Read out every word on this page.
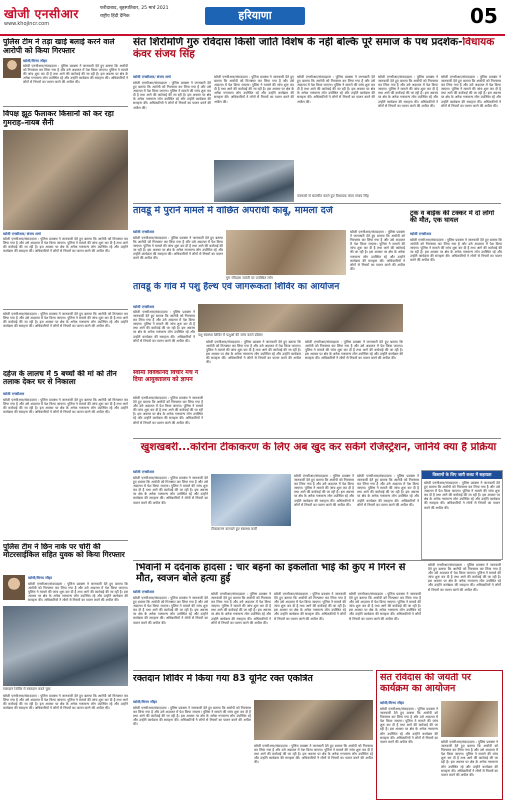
खोजी एनसीआर
www.khojincr.com
फरीदाबाद, बृहस्पतिवार, 25 मार्च 2021
राष्ट्रीय हिंदी दैनिक	हरियाणा	05
पुलिस टीम ने तड़ा खाई बलाई करने वाले आरोपी को किया गिरफ्तार
खोजी/विनय जौहर
खोजी एनसीआर/संवाददाता : पुलिस प्रवक्ता ने जानकारी देते हुए बताया कि आरोपी को गिरफ्तार कर लिया गया है और उसे अदालत में पेश किया जाएगा। पुलिस ने मामले की जांच शुरू कर दी है तथा आगे की कार्रवाई की जा रही है। इस अवसर पर क्षेत्र के अनेक गणमान्य लोग उपस्थित रहे और उन्होंने कार्यक्रम की सराहना की। अधिकारियों ने लोगों से नियमों का पालन करने की अपील की।
विपक्ष झूठ फैलाकर किसानों को कर रहा गुमराह–नायब सैनी
खोजी एनसीआर/ संजय शर्मा
खोजी एनसीआर/संवाददाता : पुलिस प्रवक्ता ने जानकारी देते हुए बताया कि आरोपी को गिरफ्तार कर लिया गया है और उसे अदालत में पेश किया जाएगा। पुलिस ने मामले की जांच शुरू कर दी है तथा आगे की कार्रवाई की जा रही है। इस अवसर पर क्षेत्र के अनेक गणमान्य लोग उपस्थित रहे और उन्होंने कार्यक्रम की सराहना की। अधिकारियों ने लोगों से नियमों का पालन करने की अपील की।
संत शिरोमणि गुरु रविदास किसी जाति विशेष के नहीं बल्कि पूरे समाज के पथ प्रदर्शक-विधायक कंवर संजय सिंह
खोजी एनसीआर/ संजय शर्मा
खोजी एनसीआर/संवाददाता : पुलिस प्रवक्ता ने जानकारी देते हुए बताया कि आरोपी को गिरफ्तार कर लिया गया है और उसे अदालत में पेश किया जाएगा। पुलिस ने मामले की जांच शुरू कर दी है तथा आगे की कार्रवाई की जा रही है। इस अवसर पर क्षेत्र के अनेक गणमान्य लोग उपस्थित रहे और उन्होंने कार्यक्रम की सराहना की। अधिकारियों ने लोगों से नियमों का पालन करने की अपील की।
खोजी एनसीआर/संवाददाता : पुलिस प्रवक्ता ने जानकारी देते हुए बताया कि आरोपी को गिरफ्तार कर लिया गया है और उसे अदालत में पेश किया जाएगा। पुलिस ने मामले की जांच शुरू कर दी है तथा आगे की कार्रवाई की जा रही है। इस अवसर पर क्षेत्र के अनेक गणमान्य लोग उपस्थित रहे और उन्होंने कार्यक्रम की सराहना की। अधिकारियों ने लोगों से नियमों का पालन करने की अपील की।
खोजी एनसीआर/संवाददाता : पुलिस प्रवक्ता ने जानकारी देते हुए बताया कि आरोपी को गिरफ्तार कर लिया गया है और उसे अदालत में पेश किया जाएगा। पुलिस ने मामले की जांच शुरू कर दी है तथा आगे की कार्रवाई की जा रही है। इस अवसर पर क्षेत्र के अनेक गणमान्य लोग उपस्थित रहे और उन्होंने कार्यक्रम की सराहना की। अधिकारियों ने लोगों से नियमों का पालन करने की अपील की।
खोजी एनसीआर/संवाददाता : पुलिस प्रवक्ता ने जानकारी देते हुए बताया कि आरोपी को गिरफ्तार कर लिया गया है और उसे अदालत में पेश किया जाएगा। पुलिस ने मामले की जांच शुरू कर दी है तथा आगे की कार्रवाई की जा रही है। इस अवसर पर क्षेत्र के अनेक गणमान्य लोग उपस्थित रहे और उन्होंने कार्यक्रम की सराहना की। अधिकारियों ने लोगों से नियमों का पालन करने की अपील की।
पत्रकारों से बातचीत करते हुए विधायक कंवर संजय सिंह
खोजी एनसीआर/संवाददाता : पुलिस प्रवक्ता ने जानकारी देते हुए बताया कि आरोपी को गिरफ्तार कर लिया गया है और उसे अदालत में पेश किया जाएगा। पुलिस ने मामले की जांच शुरू कर दी है तथा आगे की कार्रवाई की जा रही है। इस अवसर पर क्षेत्र के अनेक गणमान्य लोग उपस्थित रहे और उन्होंने कार्यक्रम की सराहना की। अधिकारियों ने लोगों से नियमों का पालन करने की अपील की।
तावडू में पुराने मामले में वांछित अपराधी काबू, मामला दर्ज
खोजी एनसीआर
खोजी एनसीआर/संवाददाता : पुलिस प्रवक्ता ने जानकारी देते हुए बताया कि आरोपी को गिरफ्तार कर लिया गया है और उसे अदालत में पेश किया जाएगा। पुलिस ने मामले की जांच शुरू कर दी है तथा आगे की कार्रवाई की जा रही है। इस अवसर पर क्षेत्र के अनेक गणमान्य लोग उपस्थित रहे और उन्होंने कार्यक्रम की सराहना की। अधिकारियों ने लोगों से नियमों का पालन करने की अपील की।
गुरु रविदास जयंती पर उपस्थित लोग
खोजी एनसीआर/संवाददाता : पुलिस प्रवक्ता ने जानकारी देते हुए बताया कि आरोपी को गिरफ्तार कर लिया गया है और उसे अदालत में पेश किया जाएगा। पुलिस ने मामले की जांच शुरू कर दी है तथा आगे की कार्रवाई की जा रही है। इस अवसर पर क्षेत्र के अनेक गणमान्य लोग उपस्थित रहे और उन्होंने कार्यक्रम की सराहना की। अधिकारियों ने लोगों से नियमों का पालन करने की अपील की।
ट्रक व बाईक की टक्कर में दो लोगों की मौत, एक घायल
खोजी एनसीआर
खोजी एनसीआर/संवाददाता : पुलिस प्रवक्ता ने जानकारी देते हुए बताया कि आरोपी को गिरफ्तार कर लिया गया है और उसे अदालत में पेश किया जाएगा। पुलिस ने मामले की जांच शुरू कर दी है तथा आगे की कार्रवाई की जा रही है। इस अवसर पर क्षेत्र के अनेक गणमान्य लोग उपस्थित रहे और उन्होंने कार्यक्रम की सराहना की। अधिकारियों ने लोगों से नियमों का पालन करने की अपील की।
तावडू के गांव में पशु हैल्थ एवं जागरूकता शिविर का आयोजन
खोजी एनसीआर
खोजी एनसीआर/संवाददाता : पुलिस प्रवक्ता ने जानकारी देते हुए बताया कि आरोपी को गिरफ्तार कर लिया गया है और उसे अदालत में पेश किया जाएगा। पुलिस ने मामले की जांच शुरू कर दी है तथा आगे की कार्रवाई की जा रही है। इस अवसर पर क्षेत्र के अनेक गणमान्य लोग उपस्थित रहे और उन्होंने कार्यक्रम की सराहना की। अधिकारियों ने लोगों से नियमों का पालन करने की अपील की।
पशु स्वास्थ्य शिविर में पशुओं की जांच करते डॉक्टर
स्वामी विवेकानंद विचार मंच ने दिया आयुक्तालय को ज्ञापन
खोजी एनसीआर/संवाददाता : पुलिस प्रवक्ता ने जानकारी देते हुए बताया कि आरोपी को गिरफ्तार कर लिया गया है और उसे अदालत में पेश किया जाएगा। पुलिस ने मामले की जांच शुरू कर दी है तथा आगे की कार्रवाई की जा रही है। इस अवसर पर क्षेत्र के अनेक गणमान्य लोग उपस्थित रहे और उन्होंने कार्यक्रम की सराहना की। अधिकारियों ने लोगों से नियमों का पालन करने की अपील की।
खोजी एनसीआर/संवाददाता : पुलिस प्रवक्ता ने जानकारी देते हुए बताया कि आरोपी को गिरफ्तार कर लिया गया है और उसे अदालत में पेश किया जाएगा। पुलिस ने मामले की जांच शुरू कर दी है तथा आगे की कार्रवाई की जा रही है। इस अवसर पर क्षेत्र के अनेक गणमान्य लोग उपस्थित रहे और उन्होंने कार्यक्रम की सराहना की। अधिकारियों ने लोगों से नियमों का पालन करने की अपील की।
खोजी एनसीआर/संवाददाता : पुलिस प्रवक्ता ने जानकारी देते हुए बताया कि आरोपी को गिरफ्तार कर लिया गया है और उसे अदालत में पेश किया जाएगा। पुलिस ने मामले की जांच शुरू कर दी है तथा आगे की कार्रवाई की जा रही है। इस अवसर पर क्षेत्र के अनेक गणमान्य लोग उपस्थित रहे और उन्होंने कार्यक्रम की सराहना की। अधिकारियों ने लोगों से नियमों का पालन करने की अपील की।
खोजी एनसीआर/संवाददाता : पुलिस प्रवक्ता ने जानकारी देते हुए बताया कि आरोपी को गिरफ्तार कर लिया गया है और उसे अदालत में पेश किया जाएगा। पुलिस ने मामले की जांच शुरू कर दी है तथा आगे की कार्रवाई की जा रही है। इस अवसर पर क्षेत्र के अनेक गणमान्य लोग उपस्थित रहे और उन्होंने कार्यक्रम की सराहना की। अधिकारियों ने लोगों से नियमों का पालन करने की अपील की।
दहेज के लालच में 5 बच्चों की मां को तीन तलाक देकर घर से निकाला
खोजी एनसीआर
खोजी एनसीआर/संवाददाता : पुलिस प्रवक्ता ने जानकारी देते हुए बताया कि आरोपी को गिरफ्तार कर लिया गया है और उसे अदालत में पेश किया जाएगा। पुलिस ने मामले की जांच शुरू कर दी है तथा आगे की कार्रवाई की जा रही है। इस अवसर पर क्षेत्र के अनेक गणमान्य लोग उपस्थित रहे और उन्होंने कार्यक्रम की सराहना की। अधिकारियों ने लोगों से नियमों का पालन करने की अपील की।
खुशखबरी...कोरोना टीकाकरण के लिए अब खुद कर सकेंगे रजिस्ट्रेशन, जानिये क्या है प्रक्रिया
खोजी एनसीआर
खोजी एनसीआर/संवाददाता : पुलिस प्रवक्ता ने जानकारी देते हुए बताया कि आरोपी को गिरफ्तार कर लिया गया है और उसे अदालत में पेश किया जाएगा। पुलिस ने मामले की जांच शुरू कर दी है तथा आगे की कार्रवाई की जा रही है। इस अवसर पर क्षेत्र के अनेक गणमान्य लोग उपस्थित रहे और उन्होंने कार्यक्रम की सराहना की। अधिकारियों ने लोगों से नियमों का पालन करने की अपील की।
टीकाकरण करवाते हुए स्वास्थ्य कर्मी
खोजी एनसीआर/संवाददाता : पुलिस प्रवक्ता ने जानकारी देते हुए बताया कि आरोपी को गिरफ्तार कर लिया गया है और उसे अदालत में पेश किया जाएगा। पुलिस ने मामले की जांच शुरू कर दी है तथा आगे की कार्रवाई की जा रही है। इस अवसर पर क्षेत्र के अनेक गणमान्य लोग उपस्थित रहे और उन्होंने कार्यक्रम की सराहना की। अधिकारियों ने लोगों से नियमों का पालन करने की अपील की।
खोजी एनसीआर/संवाददाता : पुलिस प्रवक्ता ने जानकारी देते हुए बताया कि आरोपी को गिरफ्तार कर लिया गया है और उसे अदालत में पेश किया जाएगा। पुलिस ने मामले की जांच शुरू कर दी है तथा आगे की कार्रवाई की जा रही है। इस अवसर पर क्षेत्र के अनेक गणमान्य लोग उपस्थित रहे और उन्होंने कार्यक्रम की सराहना की। अधिकारियों ने लोगों से नियमों का पालन करने की अपील की।
किसानों के लिए जारी बजट में सहायता
खोजी एनसीआर/संवाददाता : पुलिस प्रवक्ता ने जानकारी देते हुए बताया कि आरोपी को गिरफ्तार कर लिया गया है और उसे अदालत में पेश किया जाएगा। पुलिस ने मामले की जांच शुरू कर दी है तथा आगे की कार्रवाई की जा रही है। इस अवसर पर क्षेत्र के अनेक गणमान्य लोग उपस्थित रहे और उन्होंने कार्यक्रम की सराहना की। अधिकारियों ने लोगों से नियमों का पालन करने की अपील की।
पुलिस टीम ने छिन नाके पर चोरी की मोटरसाईकिल सहित युवक को किया गिरफ्तार
खोजी/विनय जौहर
खोजी एनसीआर/संवाददाता : पुलिस प्रवक्ता ने जानकारी देते हुए बताया कि आरोपी को गिरफ्तार कर लिया गया है और उसे अदालत में पेश किया जाएगा। पुलिस ने मामले की जांच शुरू कर दी है तथा आगे की कार्रवाई की जा रही है। इस अवसर पर क्षेत्र के अनेक गणमान्य लोग उपस्थित रहे और उन्होंने कार्यक्रम की सराहना की। अधिकारियों ने लोगों से नियमों का पालन करने की अपील की।
भिवानी में दर्दनाक हादसा : चार बहनों का इकलौता भाई की कुंए में गिरने से मौत, स्वजन बोले हत्या हुई
खोजी एनसीआर
खोजी एनसीआर/संवाददाता : पुलिस प्रवक्ता ने जानकारी देते हुए बताया कि आरोपी को गिरफ्तार कर लिया गया है और उसे अदालत में पेश किया जाएगा। पुलिस ने मामले की जांच शुरू कर दी है तथा आगे की कार्रवाई की जा रही है। इस अवसर पर क्षेत्र के अनेक गणमान्य लोग उपस्थित रहे और उन्होंने कार्यक्रम की सराहना की। अधिकारियों ने लोगों से नियमों का पालन करने की अपील की।
खोजी एनसीआर/संवाददाता : पुलिस प्रवक्ता ने जानकारी देते हुए बताया कि आरोपी को गिरफ्तार कर लिया गया है और उसे अदालत में पेश किया जाएगा। पुलिस ने मामले की जांच शुरू कर दी है तथा आगे की कार्रवाई की जा रही है। इस अवसर पर क्षेत्र के अनेक गणमान्य लोग उपस्थित रहे और उन्होंने कार्यक्रम की सराहना की। अधिकारियों ने लोगों से नियमों का पालन करने की अपील की।
खोजी एनसीआर/संवाददाता : पुलिस प्रवक्ता ने जानकारी देते हुए बताया कि आरोपी को गिरफ्तार कर लिया गया है और उसे अदालत में पेश किया जाएगा। पुलिस ने मामले की जांच शुरू कर दी है तथा आगे की कार्रवाई की जा रही है। इस अवसर पर क्षेत्र के अनेक गणमान्य लोग उपस्थित रहे और उन्होंने कार्यक्रम की सराहना की। अधिकारियों ने लोगों से नियमों का पालन करने की अपील की।
खोजी एनसीआर/संवाददाता : पुलिस प्रवक्ता ने जानकारी देते हुए बताया कि आरोपी को गिरफ्तार कर लिया गया है और उसे अदालत में पेश किया जाएगा। पुलिस ने मामले की जांच शुरू कर दी है तथा आगे की कार्रवाई की जा रही है। इस अवसर पर क्षेत्र के अनेक गणमान्य लोग उपस्थित रहे और उन्होंने कार्यक्रम की सराहना की। अधिकारियों ने लोगों से नियमों का पालन करने की अपील की।
खोजी एनसीआर/संवाददाता : पुलिस प्रवक्ता ने जानकारी देते हुए बताया कि आरोपी को गिरफ्तार कर लिया गया है और उसे अदालत में पेश किया जाएगा। पुलिस ने मामले की जांच शुरू कर दी है तथा आगे की कार्रवाई की जा रही है। इस अवसर पर क्षेत्र के अनेक गणमान्य लोग उपस्थित रहे और उन्होंने कार्यक्रम की सराहना की। अधिकारियों ने लोगों से नियमों का पालन करने की अपील की।
रक्तदान शिविर में रक्तदान करते युवा
रक्तदान शिविर में किया गया 83 यूनिट रक्त एकत्रित
खोजी/विनय जौहर
खोजी एनसीआर/संवाददाता : पुलिस प्रवक्ता ने जानकारी देते हुए बताया कि आरोपी को गिरफ्तार कर लिया गया है और उसे अदालत में पेश किया जाएगा। पुलिस ने मामले की जांच शुरू कर दी है तथा आगे की कार्रवाई की जा रही है। इस अवसर पर क्षेत्र के अनेक गणमान्य लोग उपस्थित रहे और उन्होंने कार्यक्रम की सराहना की। अधिकारियों ने लोगों से नियमों का पालन करने की अपील की।
खोजी एनसीआर/संवाददाता : पुलिस प्रवक्ता ने जानकारी देते हुए बताया कि आरोपी को गिरफ्तार कर लिया गया है और उसे अदालत में पेश किया जाएगा। पुलिस ने मामले की जांच शुरू कर दी है तथा आगे की कार्रवाई की जा रही है। इस अवसर पर क्षेत्र के अनेक गणमान्य लोग उपस्थित रहे और उन्होंने कार्यक्रम की सराहना की। अधिकारियों ने लोगों से नियमों का पालन करने की अपील की।
खोजी एनसीआर/संवाददाता : पुलिस प्रवक्ता ने जानकारी देते हुए बताया कि आरोपी को गिरफ्तार कर लिया गया है और उसे अदालत में पेश किया जाएगा। पुलिस ने मामले की जांच शुरू कर दी है तथा आगे की कार्रवाई की जा रही है। इस अवसर पर क्षेत्र के अनेक गणमान्य लोग उपस्थित रहे और उन्होंने कार्यक्रम की सराहना की। अधिकारियों ने लोगों से नियमों का पालन करने की अपील की।
संत रविदास की जयंती पर कार्यक्रम का आयोजन
खोजी/विनय जौहर
खोजी एनसीआर/संवाददाता : पुलिस प्रवक्ता ने जानकारी देते हुए बताया कि आरोपी को गिरफ्तार कर लिया गया है और उसे अदालत में पेश किया जाएगा। पुलिस ने मामले की जांच शुरू कर दी है तथा आगे की कार्रवाई की जा रही है। इस अवसर पर क्षेत्र के अनेक गणमान्य लोग उपस्थित रहे और उन्होंने कार्यक्रम की सराहना की। अधिकारियों ने लोगों से नियमों का पालन करने की अपील की।	खोजी एनसीआर/संवाददाता : पुलिस प्रवक्ता ने जानकारी देते हुए बताया कि आरोपी को गिरफ्तार कर लिया गया है और उसे अदालत में पेश किया जाएगा। पुलिस ने मामले की जांच शुरू कर दी है तथा आगे की कार्रवाई की जा रही है। इस अवसर पर क्षेत्र के अनेक गणमान्य लोग उपस्थित रहे और उन्होंने कार्यक्रम की सराहना की। अधिकारियों ने लोगों से नियमों का पालन करने की अपील की।
